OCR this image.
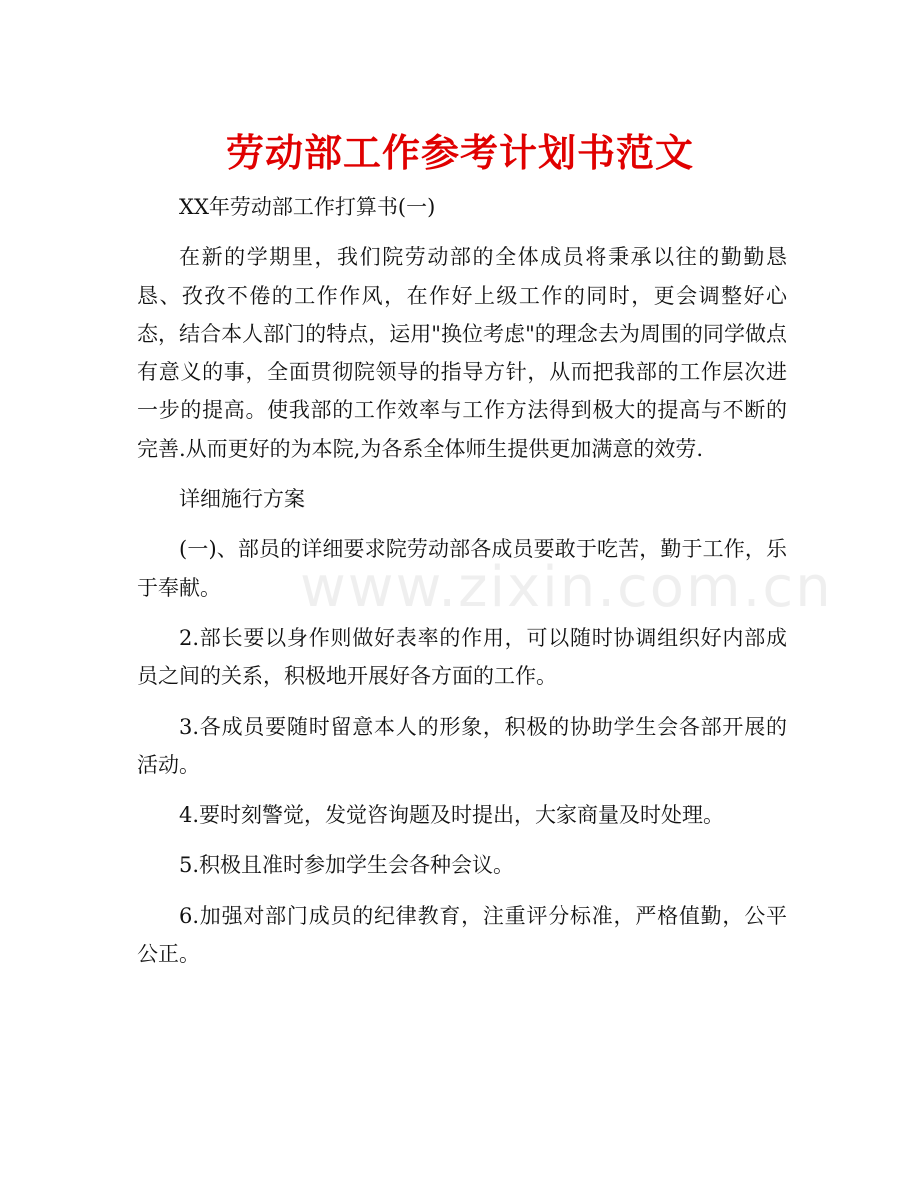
www.zixin.com.cn
劳动部工作参考计划书范文

XX年劳动部工作打算书(一)

在新的学期里，我们院劳动部的全体成员将秉承以往的勤勤恳恳、孜孜不倦的工作作风，在作好上级工作的同时，更会调整好心态，结合本人部门的特点，运用"换位考虑"的理念去为周围的同学做点有意义的事，全面贯彻院领导的指导方针，从而把我部的工作层次进一步的提高。使我部的工作效率与工作方法得到极大的提高与不断的完善.从而更好的为本院,为各系全体师生提供更加满意的效劳.

详细施行方案

(一)、部员的详细要求院劳动部各成员要敢于吃苦，勤于工作，乐于奉献。

2.部长要以身作则做好表率的作用，可以随时协调组织好内部成员之间的关系，积极地开展好各方面的工作。

3.各成员要随时留意本人的形象，积极的协助学生会各部开展的活动。

4.要时刻警觉，发觉咨询题及时提出，大家商量及时处理。

5.积极且准时参加学生会各种会议。

6.加强对部门成员的纪律教育，注重评分标准，严格值勤，公平公正。
